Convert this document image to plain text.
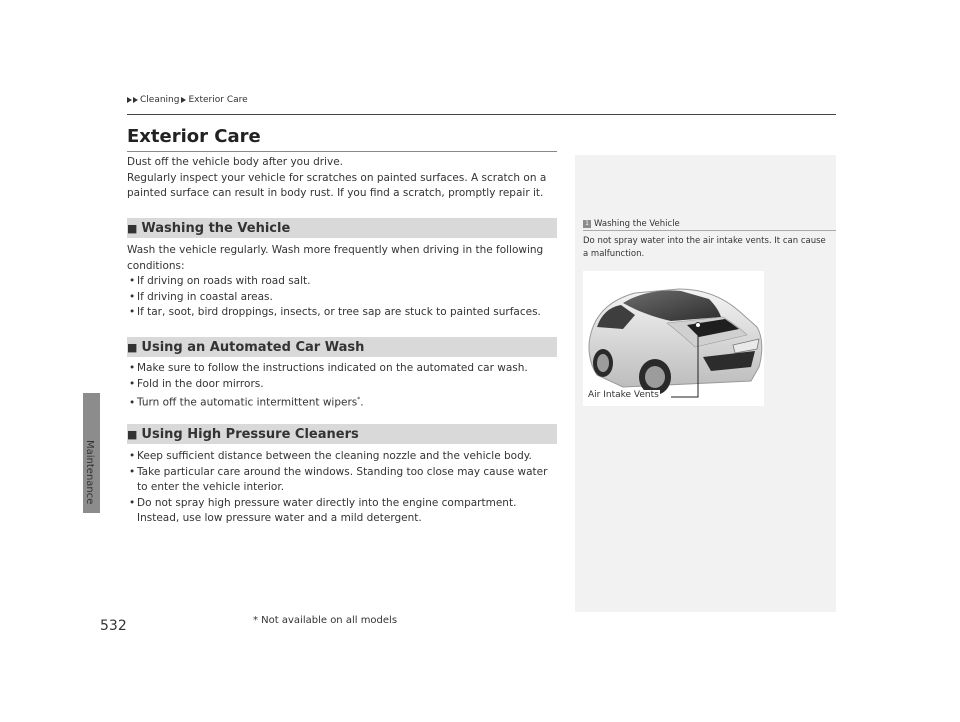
Maintenance
532	* Not available on all models
Cleaning Exterior Care
Exterior Care
Dust off the vehicle body after you drive.
Regularly inspect your vehicle for scratches on painted surfaces. A scratch on a painted surface can result in body rust. If you find a scratch, promptly repair it.
■ Washing the Vehicle
Wash the vehicle regularly. Wash more frequently when driving in the following conditions:
• If driving on roads with road salt.
• If driving in coastal areas.
• If tar, soot, bird droppings, insects, or tree sap are stuck to painted surfaces.
■ Using an Automated Car Wash
• Make sure to follow the instructions indicated on the automated car wash.
• Fold in the door mirrors.
• Turn off the automatic intermittent wipers*.
■ Using High Pressure Cleaners
• Keep sufficient distance between the cleaning nozzle and the vehicle body.
• Take particular care around the windows. Standing too close may cause water to enter the vehicle interior.
• Do not spray high pressure water directly into the engine compartment. Instead, use low pressure water and a mild detergent.
1 Washing the Vehicle
Do not spray water into the air intake vents. It can cause a malfunction.
Air Intake Vents
